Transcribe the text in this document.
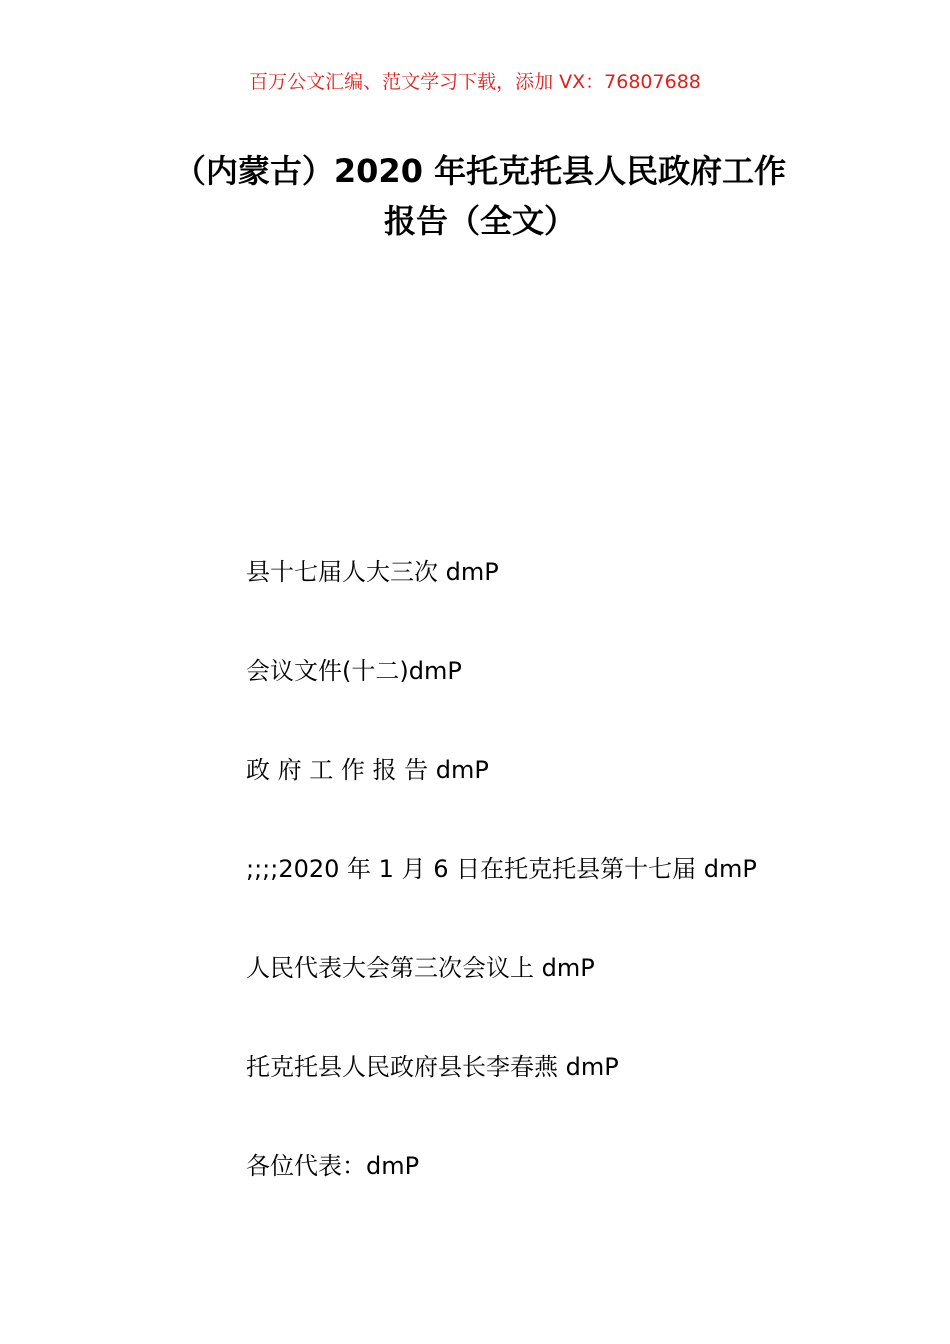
百万公文汇编、范文学习下载，添加 VX：76807688
（内蒙古）2020 年托克托县人民政府工作
报告（全文）
县十七届人大三次 dmP
会议文件(十二)dmP
政 府 工 作 报 告 dmP
;;;;2020 年 1 月 6 日在托克托县第十七届 dmP
人民代表大会第三次会议上 dmP
托克托县人民政府县长李春燕 dmP
各位代表：dmP
